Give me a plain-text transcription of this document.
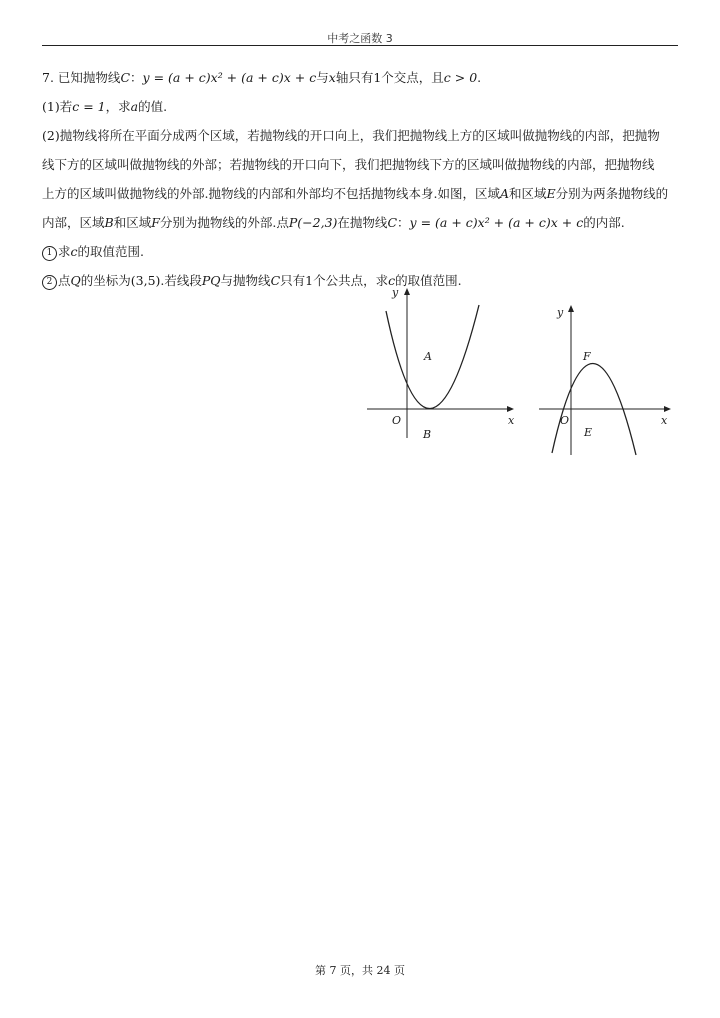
中考之函数 3

7. 已知抛物线C：y = (a + c)x² + (a + c)x + c与x轴只有1个交点，且c > 0.

(1)若c = 1，求a的值.

(2)抛物线将所在平面分成两个区域，若抛物线的开口向上，我们把抛物线上方的区域叫做抛物线的内部，把抛物

线下方的区域叫做抛物线的外部；若抛物线的开口向下，我们把抛物线下方的区域叫做抛物线的内部，把抛物线

上方的区域叫做抛物线的外部.抛物线的内部和外部均不包括抛物线本身.如图，区域A和区域E分别为两条抛物线的

内部，区域B和区域F分别为抛物线的外部.点P(−2,3)在抛物线C：y = (a + c)x² + (a + c)x + c的内部.

1 求c的取值范围.

2 点Q的坐标为(3,5).若线段PQ与抛物线C只有1个公共点，求c的取值范围.

y
x
O
A
B
y
x
O
F
E
第 7 页，共 24 页
